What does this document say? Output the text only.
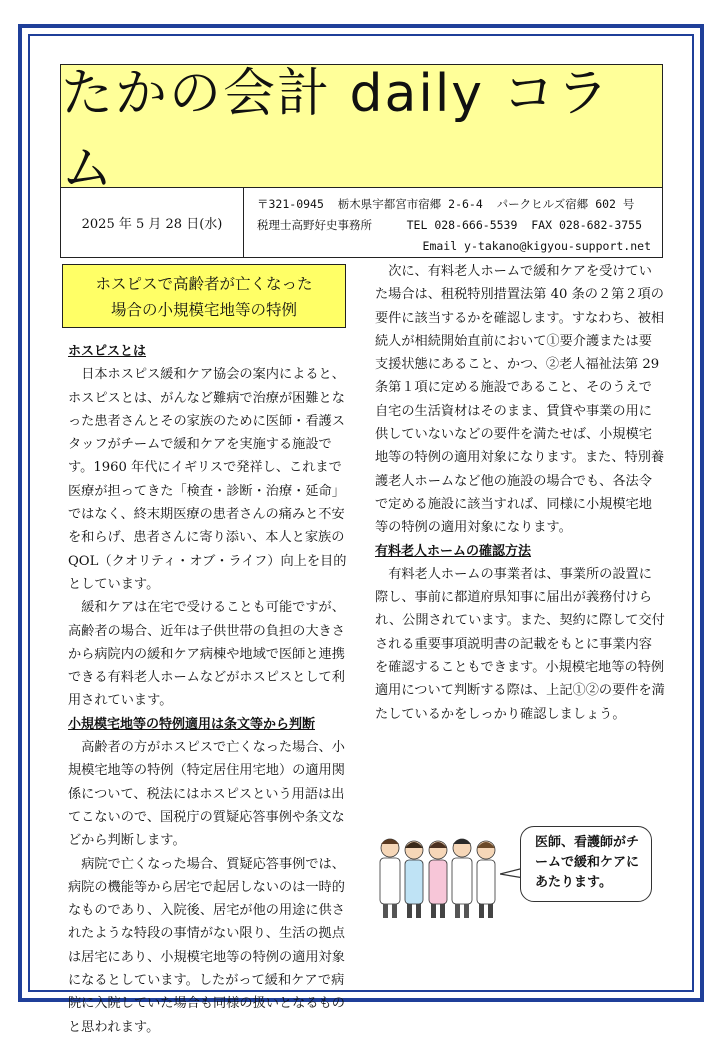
たかの会計 daily コラム
2025 年 5 月 28 日(水)
〒321-0945  栃木県宇都宮市宿郷 2-6-4  パークヒルズ宿郷 602 号
税理士高野好史事務所	TEL 028-666-5539  FAX 028-682-3755

Email y-takano@kigyou-support.net
ホスピスで高齢者が亡くなった
場合の小規模宅地等の特例

ホスピスとは

日本ホスピス緩和ケア協会の案内によると、ホスピスとは、がんなど難病で治療が困難となった患者さんとその家族のために医師・看護スタッフがチームで緩和ケアを実施する施設です。1960 年代にイギリスで発祥し、これまで医療が担ってきた「検査・診断・治療・延命」ではなく、終末期医療の患者さんの痛みと不安を和らげ、患者さんに寄り添い、本人と家族の QOL（クオリティ・オブ・ライフ）向上を目的としています。

緩和ケアは在宅で受けることも可能ですが、高齢者の場合、近年は子供世帯の負担の大きさから病院内の緩和ケア病棟や地域で医師と連携できる有料老人ホームなどがホスピスとして利用されています。

小規模宅地等の特例適用は条文等から判断

高齢者の方がホスピスで亡くなった場合、小規模宅地等の特例（特定居住用宅地）の適用関係について、税法にはホスピスという用語は出てこないので、国税庁の質疑応答事例や条文などから判断します。

病院で亡くなった場合、質疑応答事例では、病院の機能等から居宅で起居しないのは一時的なものであり、入院後、居宅が他の用途に供されたような特段の事情がない限り、生活の拠点は居宅にあり、小規模宅地等の特例の適用対象になるとしています。したがって緩和ケアで病院に入院していた場合も同様の扱いとなるものと思われます。

次に、有料老人ホームで緩和ケアを受けていた場合は、租税特別措置法第 40 条の２第２項の要件に該当するかを確認します。すなわち、被相続人が相続開始直前において①要介護または要支援状態にあること、かつ、②老人福祉法第 29 条第１項に定める施設であること、そのうえで自宅の生活資材はそのまま、賃貸や事業の用に供していないなどの要件を満たせば、小規模宅地等の特例の適用対象になります。また、特別養護老人ホームなど他の施設の場合でも、各法令で定める施設に該当すれば、同様に小規模宅地等の特例の適用対象になります。

有料老人ホームの確認方法

有料老人ホームの事業者は、事業所の設置に際し、事前に都道府県知事に届出が義務付けられ、公開されています。また、契約に際して交付される重要事項説明書の記載をもとに事業内容を確認することもできます。小規模宅地等の特例適用について判断する際は、上記①②の要件を満たしているかをしっかり確認しましょう。

医師、看護師がチームで緩和ケアにあたります。
